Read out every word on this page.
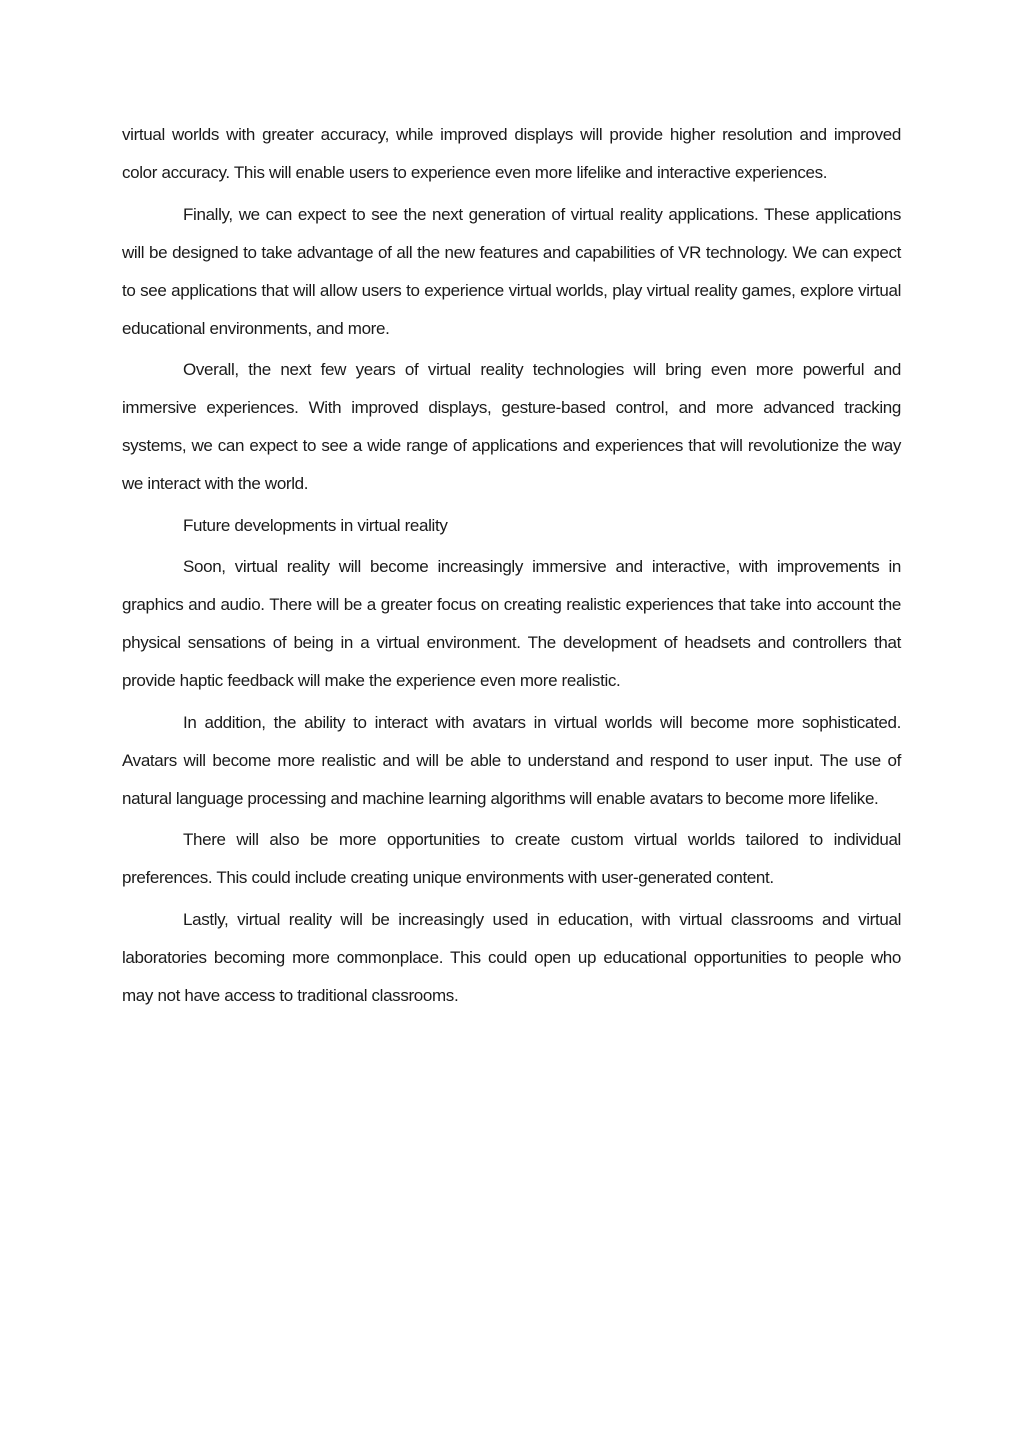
virtual worlds with greater accuracy, while improved displays will provide higher resolution and improved color accuracy. This will enable users to experience even more lifelike and interactive experiences.

Finally, we can expect to see the next generation of virtual reality applications. These applications will be designed to take advantage of all the new features and capabilities of VR technology. We can expect to see applications that will allow users to experience virtual worlds, play virtual reality games, explore virtual educational environments, and more.

Overall, the next few years of virtual reality technologies will bring even more powerful and immersive experiences. With improved displays, gesture-based control, and more advanced tracking systems, we can expect to see a wide range of applications and experiences that will revolutionize the way we interact with the world.

Future developments in virtual reality

Soon, virtual reality will become increasingly immersive and interactive, with improvements in graphics and audio. There will be a greater focus on creating realistic experiences that take into account the physical sensations of being in a virtual environment. The development of headsets and controllers that provide haptic feedback will make the experience even more realistic.

In addition, the ability to interact with avatars in virtual worlds will become more sophisticated. Avatars will become more realistic and will be able to understand and respond to user input. The use of natural language processing and machine learning algorithms will enable avatars to become more lifelike.

There will also be more opportunities to create custom virtual worlds tailored to individual preferences. This could include creating unique environments with user-generated content.

Lastly, virtual reality will be increasingly used in education, with virtual classrooms and virtual laboratories becoming more commonplace. This could open up educational opportunities to people who may not have access to traditional classrooms.
